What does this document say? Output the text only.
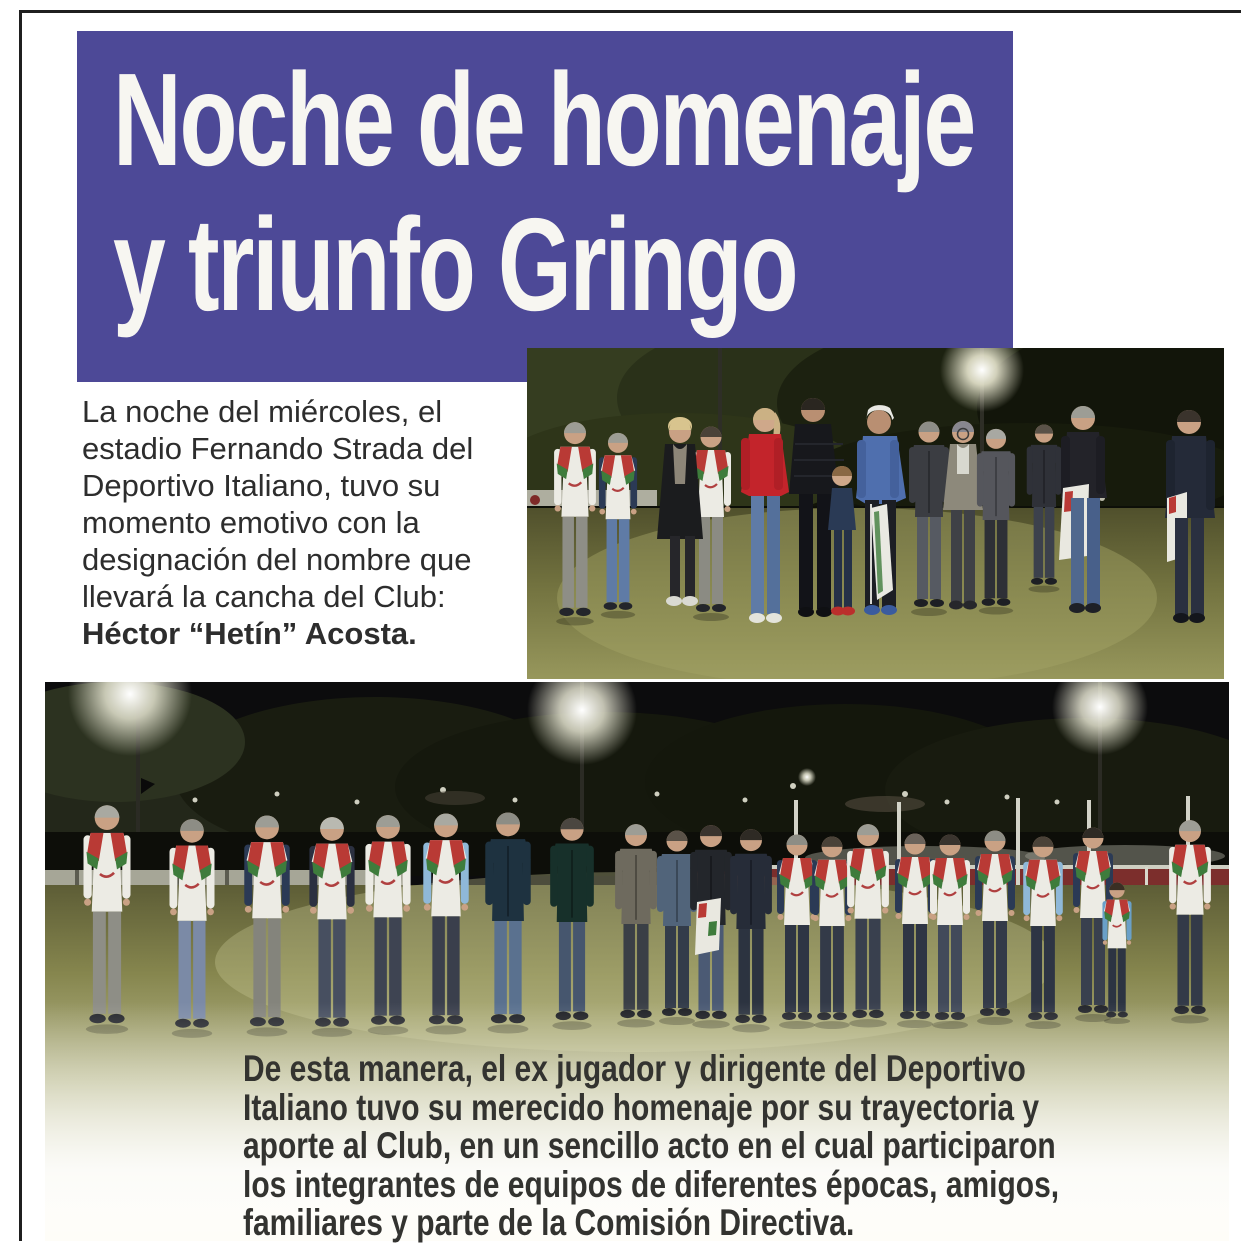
Noche de homenaje
y triunfo Gringo
La noche del miércoles, el
estadio Fernando Strada del
Deportivo Italiano, tuvo su
momento emotivo con la
designación del nombre que
llevará la cancha del Club:
Héctor “Hetín” Acosta.
De esta manera, el ex jugador y dirigente del Deportivo
Italiano tuvo su merecido homenaje por su trayectoria y
aporte al Club, en un sencillo acto en el cual participaron
los integrantes de equipos de diferentes épocas, amigos,
familiares y parte de la Comisión Directiva.
